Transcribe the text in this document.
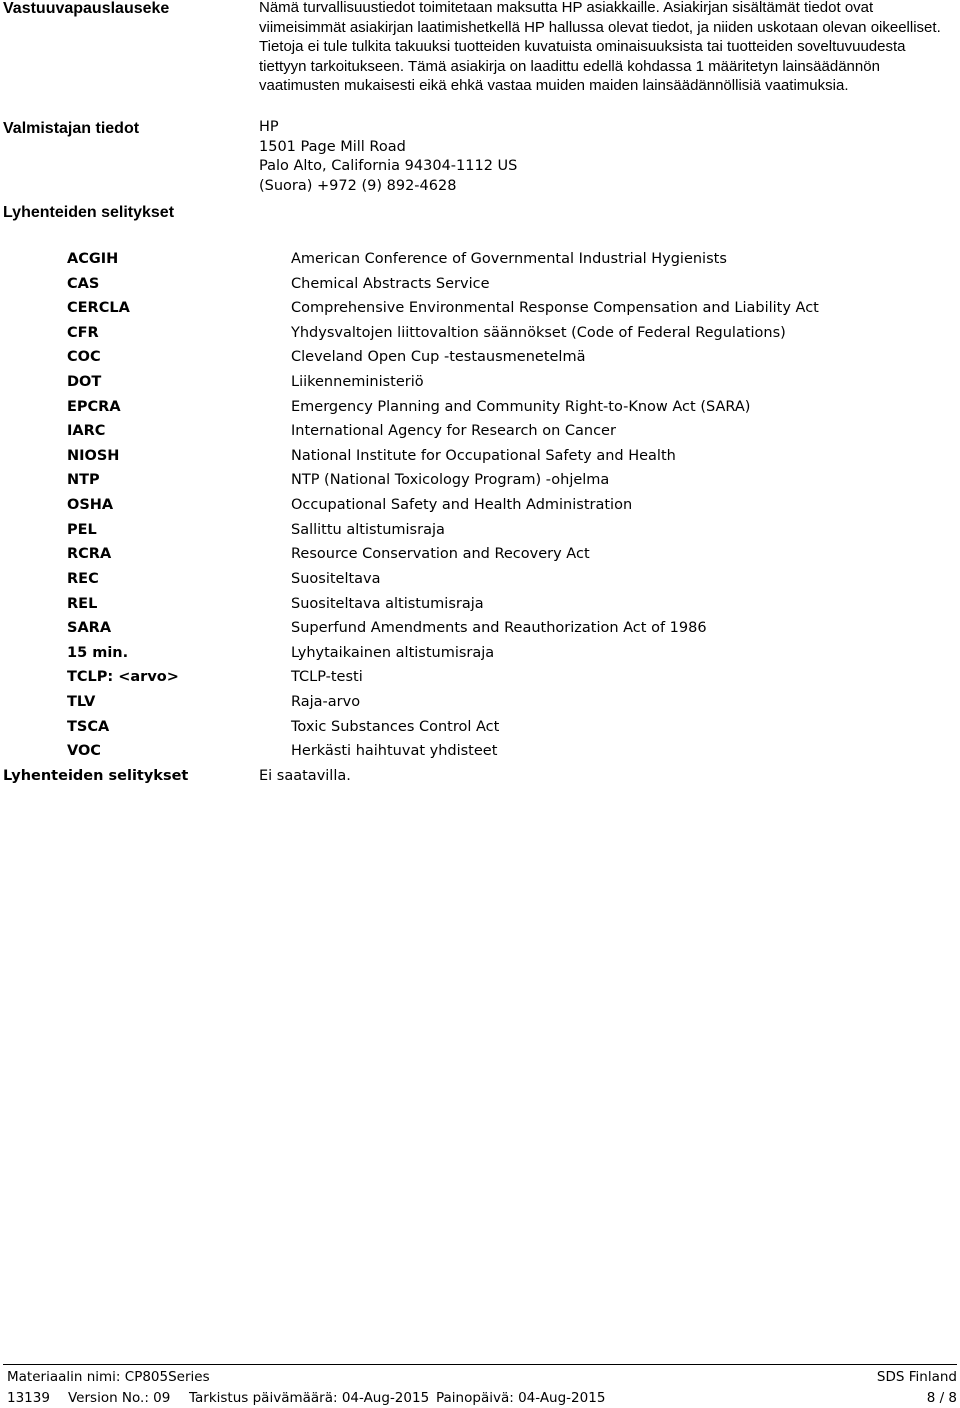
Vastuuvapauslauseke	Nämä turvallisuustiedot toimitetaan maksutta HP asiakkaille. Asiakirjan sisältämät tiedot ovat viimeisimmät asiakirjan laatimishetkellä HP hallussa olevat tiedot, ja niiden uskotaan olevan oikeelliset. Tietoja ei tule tulkita takuuksi tuotteiden kuvatuista ominaisuuksista tai tuotteiden soveltuvuudesta tiettyyn tarkoitukseen. Tämä asiakirja on laadittu edellä kohdassa 1 määritetyn lainsäädännön vaatimusten mukaisesti eikä ehkä vastaa muiden maiden lainsäädännöllisiä vaatimuksia.
Valmistajan tiedot	HP
1501 Page Mill Road
Palo Alto, California 94304-1112 US
(Suora) +972 (9) 892-4628
Lyhenteiden selitykset
ACGIH	American Conference of Governmental Industrial Hygienists
CAS	Chemical Abstracts Service
CERCLA	Comprehensive Environmental Response Compensation and Liability Act
CFR	Yhdysvaltojen liittovaltion säännökset (Code of Federal Regulations)
COC	Cleveland Open Cup -testausmenetelmä
DOT	Liikenneministeriö
EPCRA	Emergency Planning and Community Right-to-Know Act (SARA)
IARC	International Agency for Research on Cancer
NIOSH	National Institute for Occupational Safety and Health
NTP	NTP (National Toxicology Program) -ohjelma
OSHA	Occupational Safety and Health Administration
PEL	Sallittu altistumisraja
RCRA	Resource Conservation and Recovery Act
REC	Suositeltava
REL	Suositeltava altistumisraja
SARA	Superfund Amendments and Reauthorization Act of 1986
15 min.	Lyhytaikainen altistumisraja
TCLP: <arvo>	TCLP-testi
TLV	Raja-arvo
TSCA	Toxic Substances Control Act
VOC	Herkästi haihtuvat yhdisteet
Lyhenteiden selitykset	Ei saatavilla.
Materiaalin nimi: CP805Series	SDS Finland
13139 Version No.: 09 Tarkistus päivämäärä: 04-Aug-2015 Painopäivä: 04-Aug-2015	8 / 8
